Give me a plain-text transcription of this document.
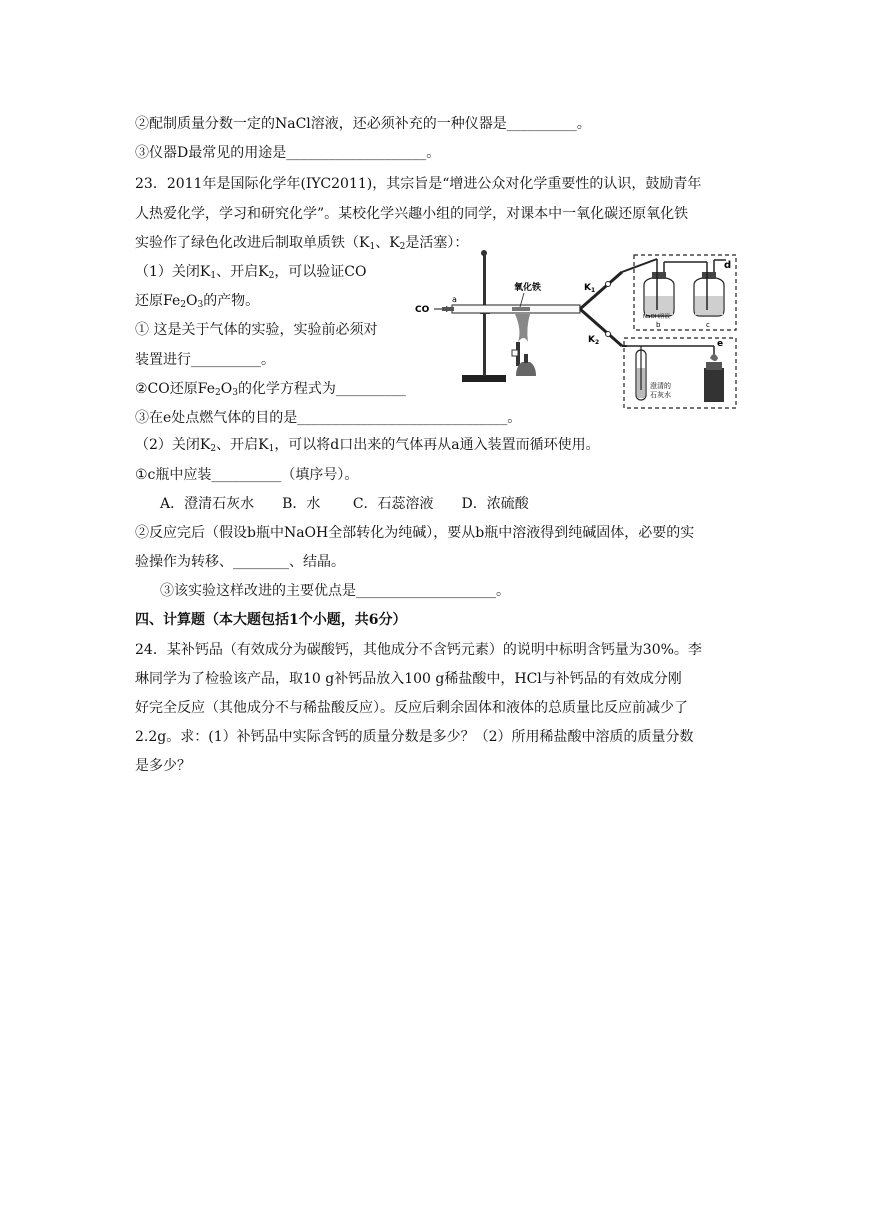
②配制质量分数一定的NaCl溶液，还必须补充的一种仪器是__________。
③仪器D最常见的用途是____________________。
23．2011年是国际化学年(IYC2011)，其宗旨是“增进公众对化学重要性的认识，鼓励青年
人热爱化学，学习和研究化学”。某校化学兴趣小组的同学，对课本中一氧化碳还原氧化铁
实验作了绿色化改进后制取单质铁（$K_1$、$K_2$是活塞）：
（1）关闭$K_1$、开启$K_2$，可以验证CO
还原$Fe_2O_3$的产物。
① 这是关于气体的实验，实验前必须对
装置进行__________。
②CO还原$Fe_2O_3$的化学方程式为__________
③在e处点燃气体的目的是______________________________。
（2）关闭$K_2$、开启$K_1$，可以将d口出来的气体再从a通入装置而循环使用。
①c瓶中应装__________（填序号）。
A．澄清石灰水　　B．水　　 C．石蕊溶液　　D．浓硫酸
②反应完后（假设b瓶中NaOH全部转化为纯碱），要从b瓶中溶液得到纯碱固体，必要的实
验操作为转移、________、结晶。
③该实验这样改进的主要优点是____________________。
四、计算题（本大题包括1个小题，共6分）
24．某补钙品（有效成分为碳酸钙，其他成分不含钙元素）的说明中标明含钙量为30%。李
琳同学为了检验该产品，取10 g补钙品放入100 g稀盐酸中，HCl与补钙品的有效成分刚
好完全反应（其他成分不与稀盐酸反应）。反应后剩余固体和液体的总质量比反应前减少了
2.2g。求：(1）补钙品中实际含钙的质量分数是多少？（2）所用稀盐酸中溶质的质量分数
是多少？
CO
a
氧化铁	$K_1$
$K_2$
d
NaOH溶液
b	c
e
澄清的
石灰水
